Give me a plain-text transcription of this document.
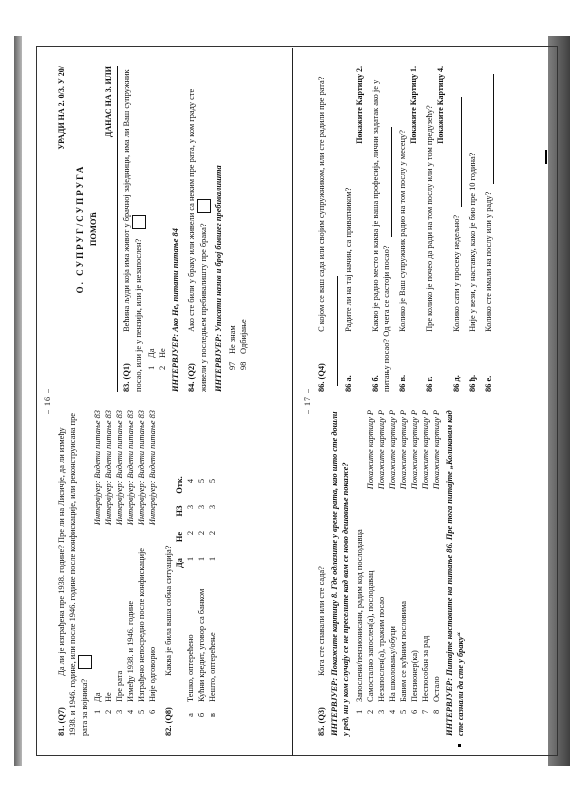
– 16 –
81. (Q7) Да ли је изграђена пре 1938. године? Пре ли на Лисичје, да ли између 1938. и 1946. године, или после 1946. године после конфискације, или реконструисана пре рата за војника? 1
Да
Интервјуер: Видети питање 83
2
Не
Интервјуер: Видети питање 83
3
Пре рата
Интервјуер: Видети питање 83
4
Између 1938. и 1946. године
Интервјуер: Видети питање 83
5
Изграђено непосредно после конфискације
Интервјуер: Видети питање 83
6
Није одговорио
Интервјуер: Видети питање 83
82. (Q8) Каква је била ваша собна ситуација? Да
Не
НЗ
Отк.
а
Тешко, оптерећено
1
2
3
4
б
Кућни кредит, уговор са банком
1
2
3
5
в
Нешто, оптерећење
1
2
3
5
УРАДИ НА 2. 0/3. У 20/
О. СУПРУГ/СУПРУГА ПОМОЋ
ДАНАС НА 3. ИЛИ
83. (Q1) Већина људи која има живот у брачној заједници, има ли Ваш супружник посао, или је у пензији, или је незапослен? 1
Да
2
Не ИНТЕРВЈУЕР: Ако Не, питати питање 84 84. (Q2) Ако сте били у браку или живели са неким пре рата, у ком граду сте живели у последњем пребивалишту пре бракa? ИНТЕРВЈУЕР: Уписати назив и број бившег пребивалишта 97
Не знам
98
Одбијање
– 17 –
85. (Q3) Кога сте спавали или сте сада? ИНТЕРВЈУЕР: Покажите картицу 8. Где одлазите у време рата, као што сте дошли у ред, ни у ком случају се не преселите кад вам се ново дешавање покаже? 1
Запослени/пензионисани, радим код послодавца
2
Самостално запослен(а), послодавац
Покажите картицу Р
3
Незапослен(а), тражим посао
Покажите картицу Р
4
На школовању/обуци
Покажите картицу Р
5
Бавим се кућним пословима
Покажите картицу Р
6
Пензионер(ка)
Покажите картицу Р
7
Неспособан за рад
Покажите картицу Р
8
Остало
Покажите картицу Р ИНТЕРВЈУЕР: Питајте наставите на питање 86. Пре тога питајте „Коликавам кад сте сазнали да сте у браку“
86. (Q4) С којом се ваш сада или својим супружником, или сте радили пре рата?
86 а. Радите ли на тај начин, са приватником?
Покажите Картицу 2.
86 б. Какво је радно место и каква је ваша професија, лични задатак ако је у питању посао? Од чега се састоји посао? 86 в. Колико је Ваш супружник радио на том послу у месецу?
Покажите Картицу 1.
86 г. Пре колико је почео да ради на том послу или у том предузећу?
Покажите Картицу 4.
86 д. Колико сати у просеку недељно?
86 ђ. Није у вези, у наставку, како је био пре 10 година?
86 е. Колико сте имали на послу или у раду?
